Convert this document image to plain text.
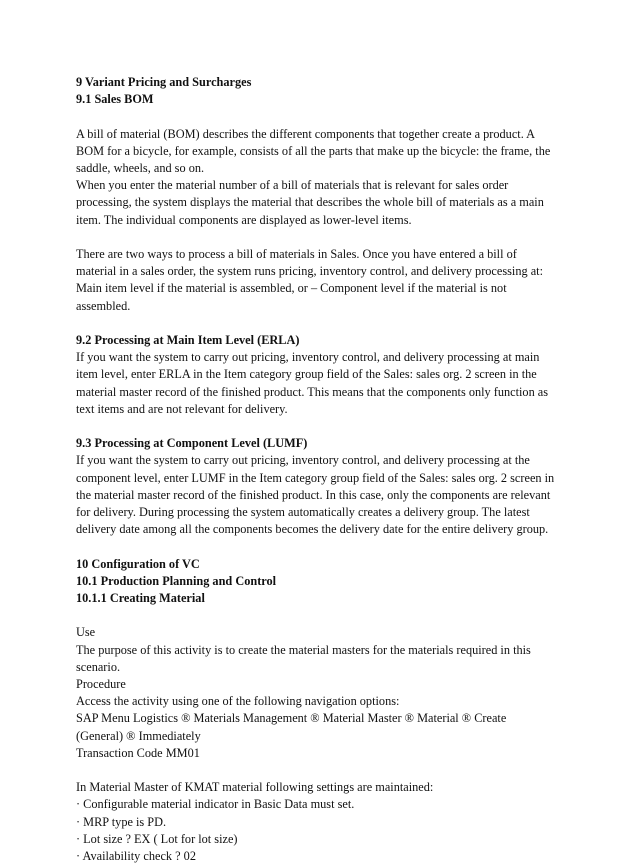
9 Variant Pricing and Surcharges
9.1 Sales BOM
A bill of material (BOM) describes the different components that together create a product. A
BOM for a bicycle, for example, consists of all the parts that make up the bicycle: the frame, the
saddle, wheels, and so on.
When you enter the material number of a bill of materials that is relevant for sales order
processing, the system displays the material that describes the whole bill of materials as a main
item. The individual components are displayed as lower-level items.
There are two ways to process a bill of materials in Sales. Once you have entered a bill of
material in a sales order, the system runs pricing, inventory control, and delivery processing at:
Main item level if the material is assembled, or – Component level if the material is not
assembled.
9.2 Processing at Main Item Level (ERLA)
If you want the system to carry out pricing, inventory control, and delivery processing at main
item level, enter ERLA in the Item category group field of the Sales: sales org. 2 screen in the
material master record of the finished product. This means that the components only function as
text items and are not relevant for delivery.
9.3 Processing at Component Level (LUMF)
If you want the system to carry out pricing, inventory control, and delivery processing at the
component level, enter LUMF in the Item category group field of the Sales: sales org. 2 screen in
the material master record of the finished product. In this case, only the components are relevant
for delivery. During processing the system automatically creates a delivery group. The latest
delivery date among all the components becomes the delivery date for the entire delivery group.
10 Configuration of VC
10.1 Production Planning and Control
10.1.1 Creating Material
Use
The purpose of this activity is to create the material masters for the materials required in this
scenario.
Procedure
Access the activity using one of the following navigation options:
SAP Menu Logistics ® Materials Management ® Material Master ® Material ® Create
(General) ® Immediately
Transaction Code MM01
In Material Master of KMAT material following settings are maintained:
· Configurable material indicator in Basic Data must set.
· MRP type is PD.
· Lot size ? EX ( Lot for lot size)
· Availability check ? 02
